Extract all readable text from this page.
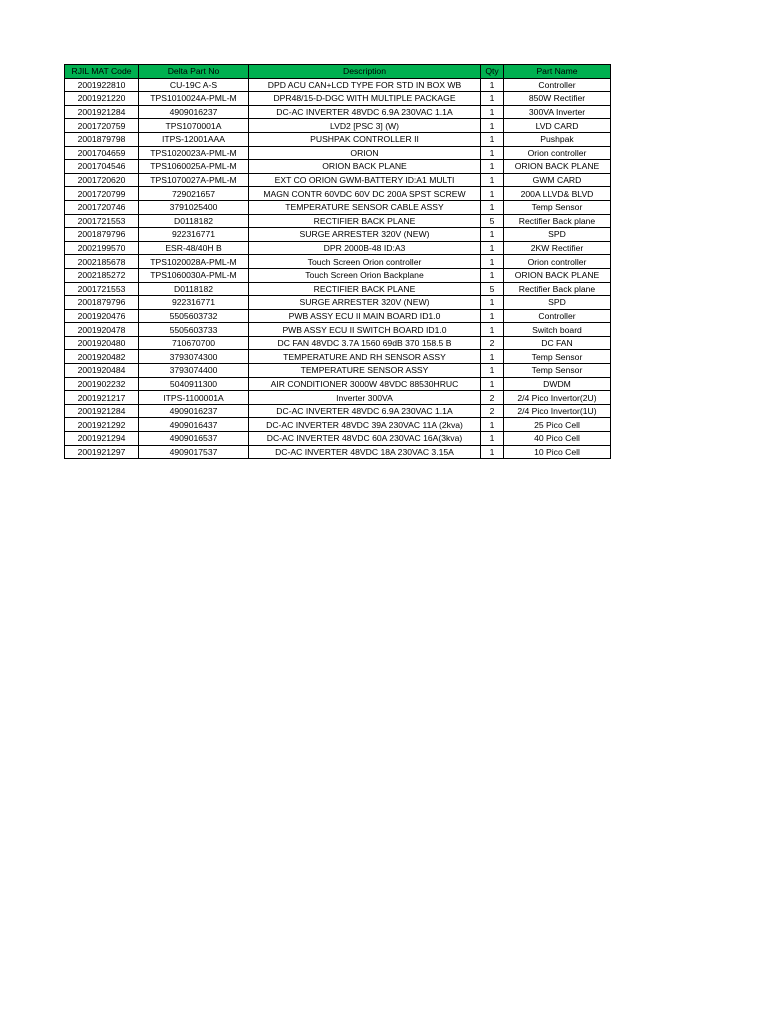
RJIL MAT Code	Delta Part No	Description	Qty	Part Name
2001922810	CU-19C A-S	DPD ACU CAN+LCD TYPE FOR STD IN BOX WB	1	Controller
2001921220	TPS1010024A-PML-M	DPR48/15-D-DGC WITH MULTIPLE PACKAGE	1	850W Rectifier
2001921284	4909016237	DC-AC INVERTER 48VDC 6.9A 230VAC 1.1A	1	300VA Inverter
2001720759	TPS1070001A	LVD2 [PSC 3] (W)	1	LVD CARD
2001879798	ITPS-12001AAA	PUSHPAK CONTROLLER II	1	Pushpak
2001704659	TPS1020023A-PML-M	ORION	1	Orion controller
2001704546	TPS1060025A-PML-M	ORION BACK PLANE	1	ORION BACK PLANE
2001720620	TPS1070027A-PML-M	EXT CO ORION GWM-BATTERY ID:A1 MULTI	1	GWM CARD
2001720799	729021657	MAGN CONTR 60VDC 60V DC 200A SPST SCREW	1	200A LLVD& BLVD
2001720746	3791025400	TEMPERATURE SENSOR CABLE ASSY	1	Temp Sensor
2001721553	D0118182	RECTIFIER BACK PLANE	5	Rectifier Back plane
2001879796	922316771	SURGE ARRESTER 320V (NEW)	1	SPD
2002199570	ESR-48/40H B	DPR 2000B-48 ID:A3	1	2KW Rectifier
2002185678	TPS1020028A-PML-M	Touch Screen Orion controller	1	Orion controller
2002185272	TPS1060030A-PML-M	Touch Screen Orion Backplane	1	ORION BACK PLANE
2001721553	D0118182	RECTIFIER BACK PLANE	5	Rectifier Back plane
2001879796	922316771	SURGE ARRESTER 320V (NEW)	1	SPD
2001920476	5505603732	PWB ASSY ECU II MAIN BOARD ID1.0	1	Controller
2001920478	5505603733	PWB ASSY ECU II SWITCH BOARD ID1.0	1	Switch board
2001920480	710670700	DC FAN 48VDC 3.7A 1560 69dB 370 158.5 B	2	DC FAN
2001920482	3793074300	TEMPERATURE AND RH SENSOR ASSY	1	Temp Sensor
2001920484	3793074400	TEMPERATURE SENSOR ASSY	1	Temp Sensor
2001902232	5040911300	AIR CONDITIONER 3000W 48VDC 88530HRUC	1	DWDM
2001921217	ITPS-1100001A	Inverter 300VA	2	2/4 Pico Invertor(2U)
2001921284	4909016237	DC-AC INVERTER 48VDC 6.9A 230VAC 1.1A	2	2/4 Pico Invertor(1U)
2001921292	4909016437	DC-AC INVERTER 48VDC 39A 230VAC 11A (2kva)	1	25 Pico Cell
2001921294	4909016537	DC-AC INVERTER 48VDC 60A 230VAC 16A(3kva)	1	40 Pico Cell
2001921297	4909017537	DC-AC INVERTER 48VDC 18A 230VAC 3.15A	1	10 Pico Cell
